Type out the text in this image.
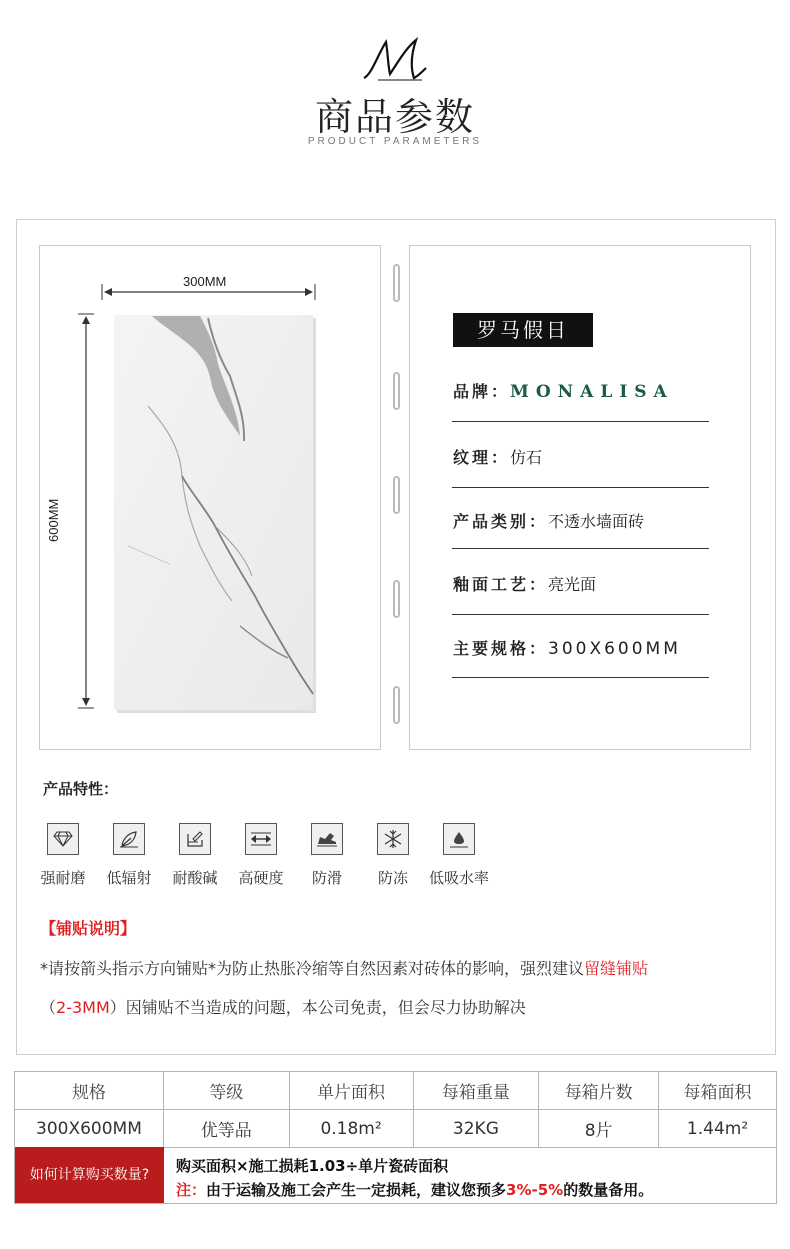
商品参数
PRODUCT PARAMETERS
300MM
600MM
罗马假日
品牌：MONALISA
纹理：仿石
产品类别：不透水墙面砖
釉面工艺：亮光面
主要规格：300X600MM
产品特性：
强耐磨	低辐射	耐酸碱	高硬度	防滑	防冻	低吸水率
【铺贴说明】
*请按箭头指示方向铺贴*为防止热胀冷缩等自然因素对砖体的影响，强烈建议留缝铺贴
（2-3MM）因铺贴不当造成的问题，本公司免责，但会尽力协助解决
规格	等级	单片面积	每箱重量	每箱片数	每箱面积
300X600MM	优等品	0.18m²	32KG	8片	1.44m²
如何计算购买数量?	购买面积×施工损耗1.03÷单片瓷砖面积
注：由于运输及施工会产生一定损耗，建议您预多3%-5%的数量备用。
